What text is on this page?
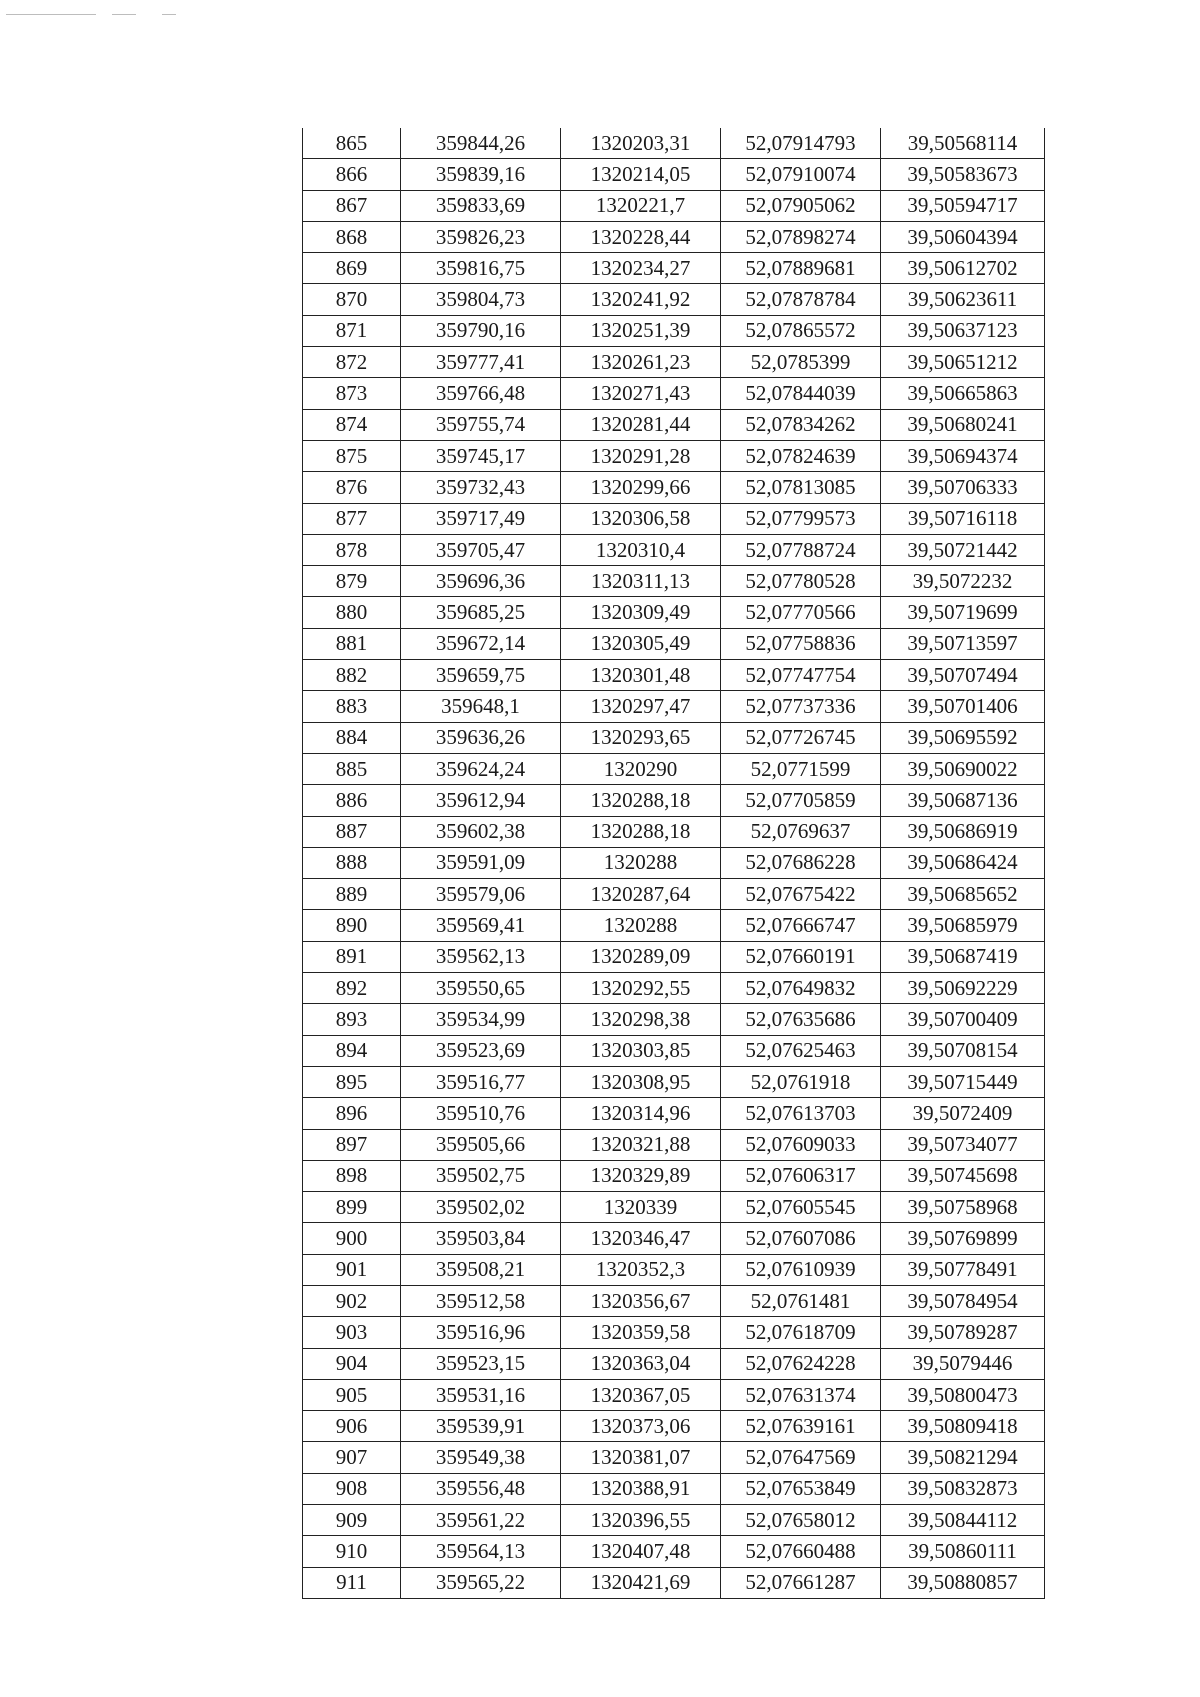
865	359844,26	1320203,31	52,07914793	39,50568114
866	359839,16	1320214,05	52,07910074	39,50583673
867	359833,69	1320221,7	52,07905062	39,50594717
868	359826,23	1320228,44	52,07898274	39,50604394
869	359816,75	1320234,27	52,07889681	39,50612702
870	359804,73	1320241,92	52,07878784	39,50623611
871	359790,16	1320251,39	52,07865572	39,50637123
872	359777,41	1320261,23	52,0785399	39,50651212
873	359766,48	1320271,43	52,07844039	39,50665863
874	359755,74	1320281,44	52,07834262	39,50680241
875	359745,17	1320291,28	52,07824639	39,50694374
876	359732,43	1320299,66	52,07813085	39,50706333
877	359717,49	1320306,58	52,07799573	39,50716118
878	359705,47	1320310,4	52,07788724	39,50721442
879	359696,36	1320311,13	52,07780528	39,5072232
880	359685,25	1320309,49	52,07770566	39,50719699
881	359672,14	1320305,49	52,07758836	39,50713597
882	359659,75	1320301,48	52,07747754	39,50707494
883	359648,1	1320297,47	52,07737336	39,50701406
884	359636,26	1320293,65	52,07726745	39,50695592
885	359624,24	1320290	52,0771599	39,50690022
886	359612,94	1320288,18	52,07705859	39,50687136
887	359602,38	1320288,18	52,0769637	39,50686919
888	359591,09	1320288	52,07686228	39,50686424
889	359579,06	1320287,64	52,07675422	39,50685652
890	359569,41	1320288	52,07666747	39,50685979
891	359562,13	1320289,09	52,07660191	39,50687419
892	359550,65	1320292,55	52,07649832	39,50692229
893	359534,99	1320298,38	52,07635686	39,50700409
894	359523,69	1320303,85	52,07625463	39,50708154
895	359516,77	1320308,95	52,0761918	39,50715449
896	359510,76	1320314,96	52,07613703	39,5072409
897	359505,66	1320321,88	52,07609033	39,50734077
898	359502,75	1320329,89	52,07606317	39,50745698
899	359502,02	1320339	52,07605545	39,50758968
900	359503,84	1320346,47	52,07607086	39,50769899
901	359508,21	1320352,3	52,07610939	39,50778491
902	359512,58	1320356,67	52,0761481	39,50784954
903	359516,96	1320359,58	52,07618709	39,50789287
904	359523,15	1320363,04	52,07624228	39,5079446
905	359531,16	1320367,05	52,07631374	39,50800473
906	359539,91	1320373,06	52,07639161	39,50809418
907	359549,38	1320381,07	52,07647569	39,50821294
908	359556,48	1320388,91	52,07653849	39,50832873
909	359561,22	1320396,55	52,07658012	39,50844112
910	359564,13	1320407,48	52,07660488	39,50860111
911	359565,22	1320421,69	52,07661287	39,50880857
